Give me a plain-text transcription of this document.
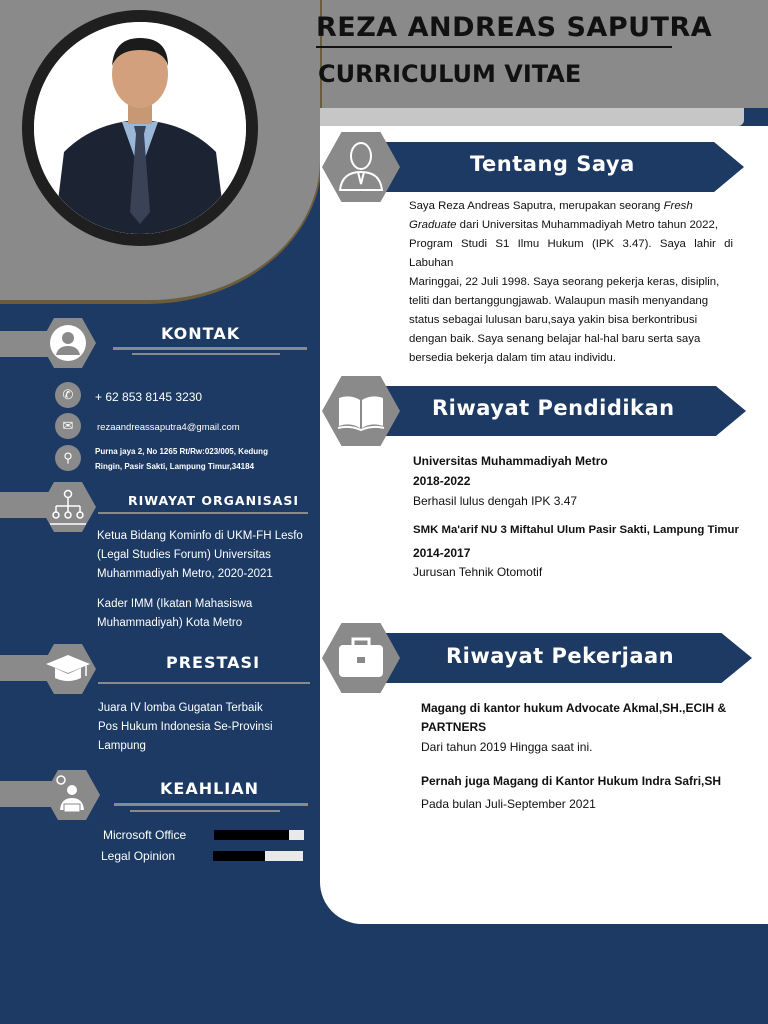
REZA ANDREAS SAPUTRA
CURRICULUM VITAE
Tentang Saya
Saya Reza Andreas Saputra, merupakan seorang Fresh
Graduate dari Universitas Muhammadiyah Metro tahun 2022,
Program Studi S1 Ilmu Hukum (IPK 3.47). Saya lahir di Labuhan
Maringgai, 22 Juli 1998. Saya seorang pekerja keras, disiplin,
teliti dan bertanggungjawab. Walaupun masih menyandang
status sebagai lulusan baru,saya yakin bisa berkontribusi
dengan baik. Saya senang belajar hal-hal baru serta saya
bersedia bekerja dalam tim atau individu.
Riwayat Pendidikan
Universitas Muhammadiyah Metro
2018-2022
Berhasil lulus dengah IPK 3.47
SMK Ma'arif NU 3 Miftahul Ulum Pasir Sakti, Lampung Timur
2014-2017
Jurusan Tehnik Otomotif
Riwayat Pekerjaan
Magang di kantor hukum Advocate Akmal,SH.,ECIH &
PARTNERS
Dari tahun 2019 Hingga saat ini.
Pernah juga Magang di Kantor Hukum Indra Safri,SH
Pada bulan Juli-September 2021
KONTAK
✆	+ 62 853 8145 3230
✉	rezaandreassaputra4@gmail.com
⚲	Purna jaya 2, No 1265 Rt/Rw:023/005, Kedung
Ringin, Pasir Sakti, Lampung Timur,34184
RIWAYAT ORGANISASI
Ketua Bidang Kominfo di UKM-FH Lesfo
(Legal Studies Forum) Universitas
Muhammadiyah Metro, 2020-2021
Kader IMM (Ikatan Mahasiswa
Muhammadiyah) Kota Metro
PRESTASI
Juara IV lomba Gugatan Terbaik
Pos Hukum Indonesia Se-Provinsi
Lampung
KEAHLIAN
Microsoft Office
Legal Opinion
